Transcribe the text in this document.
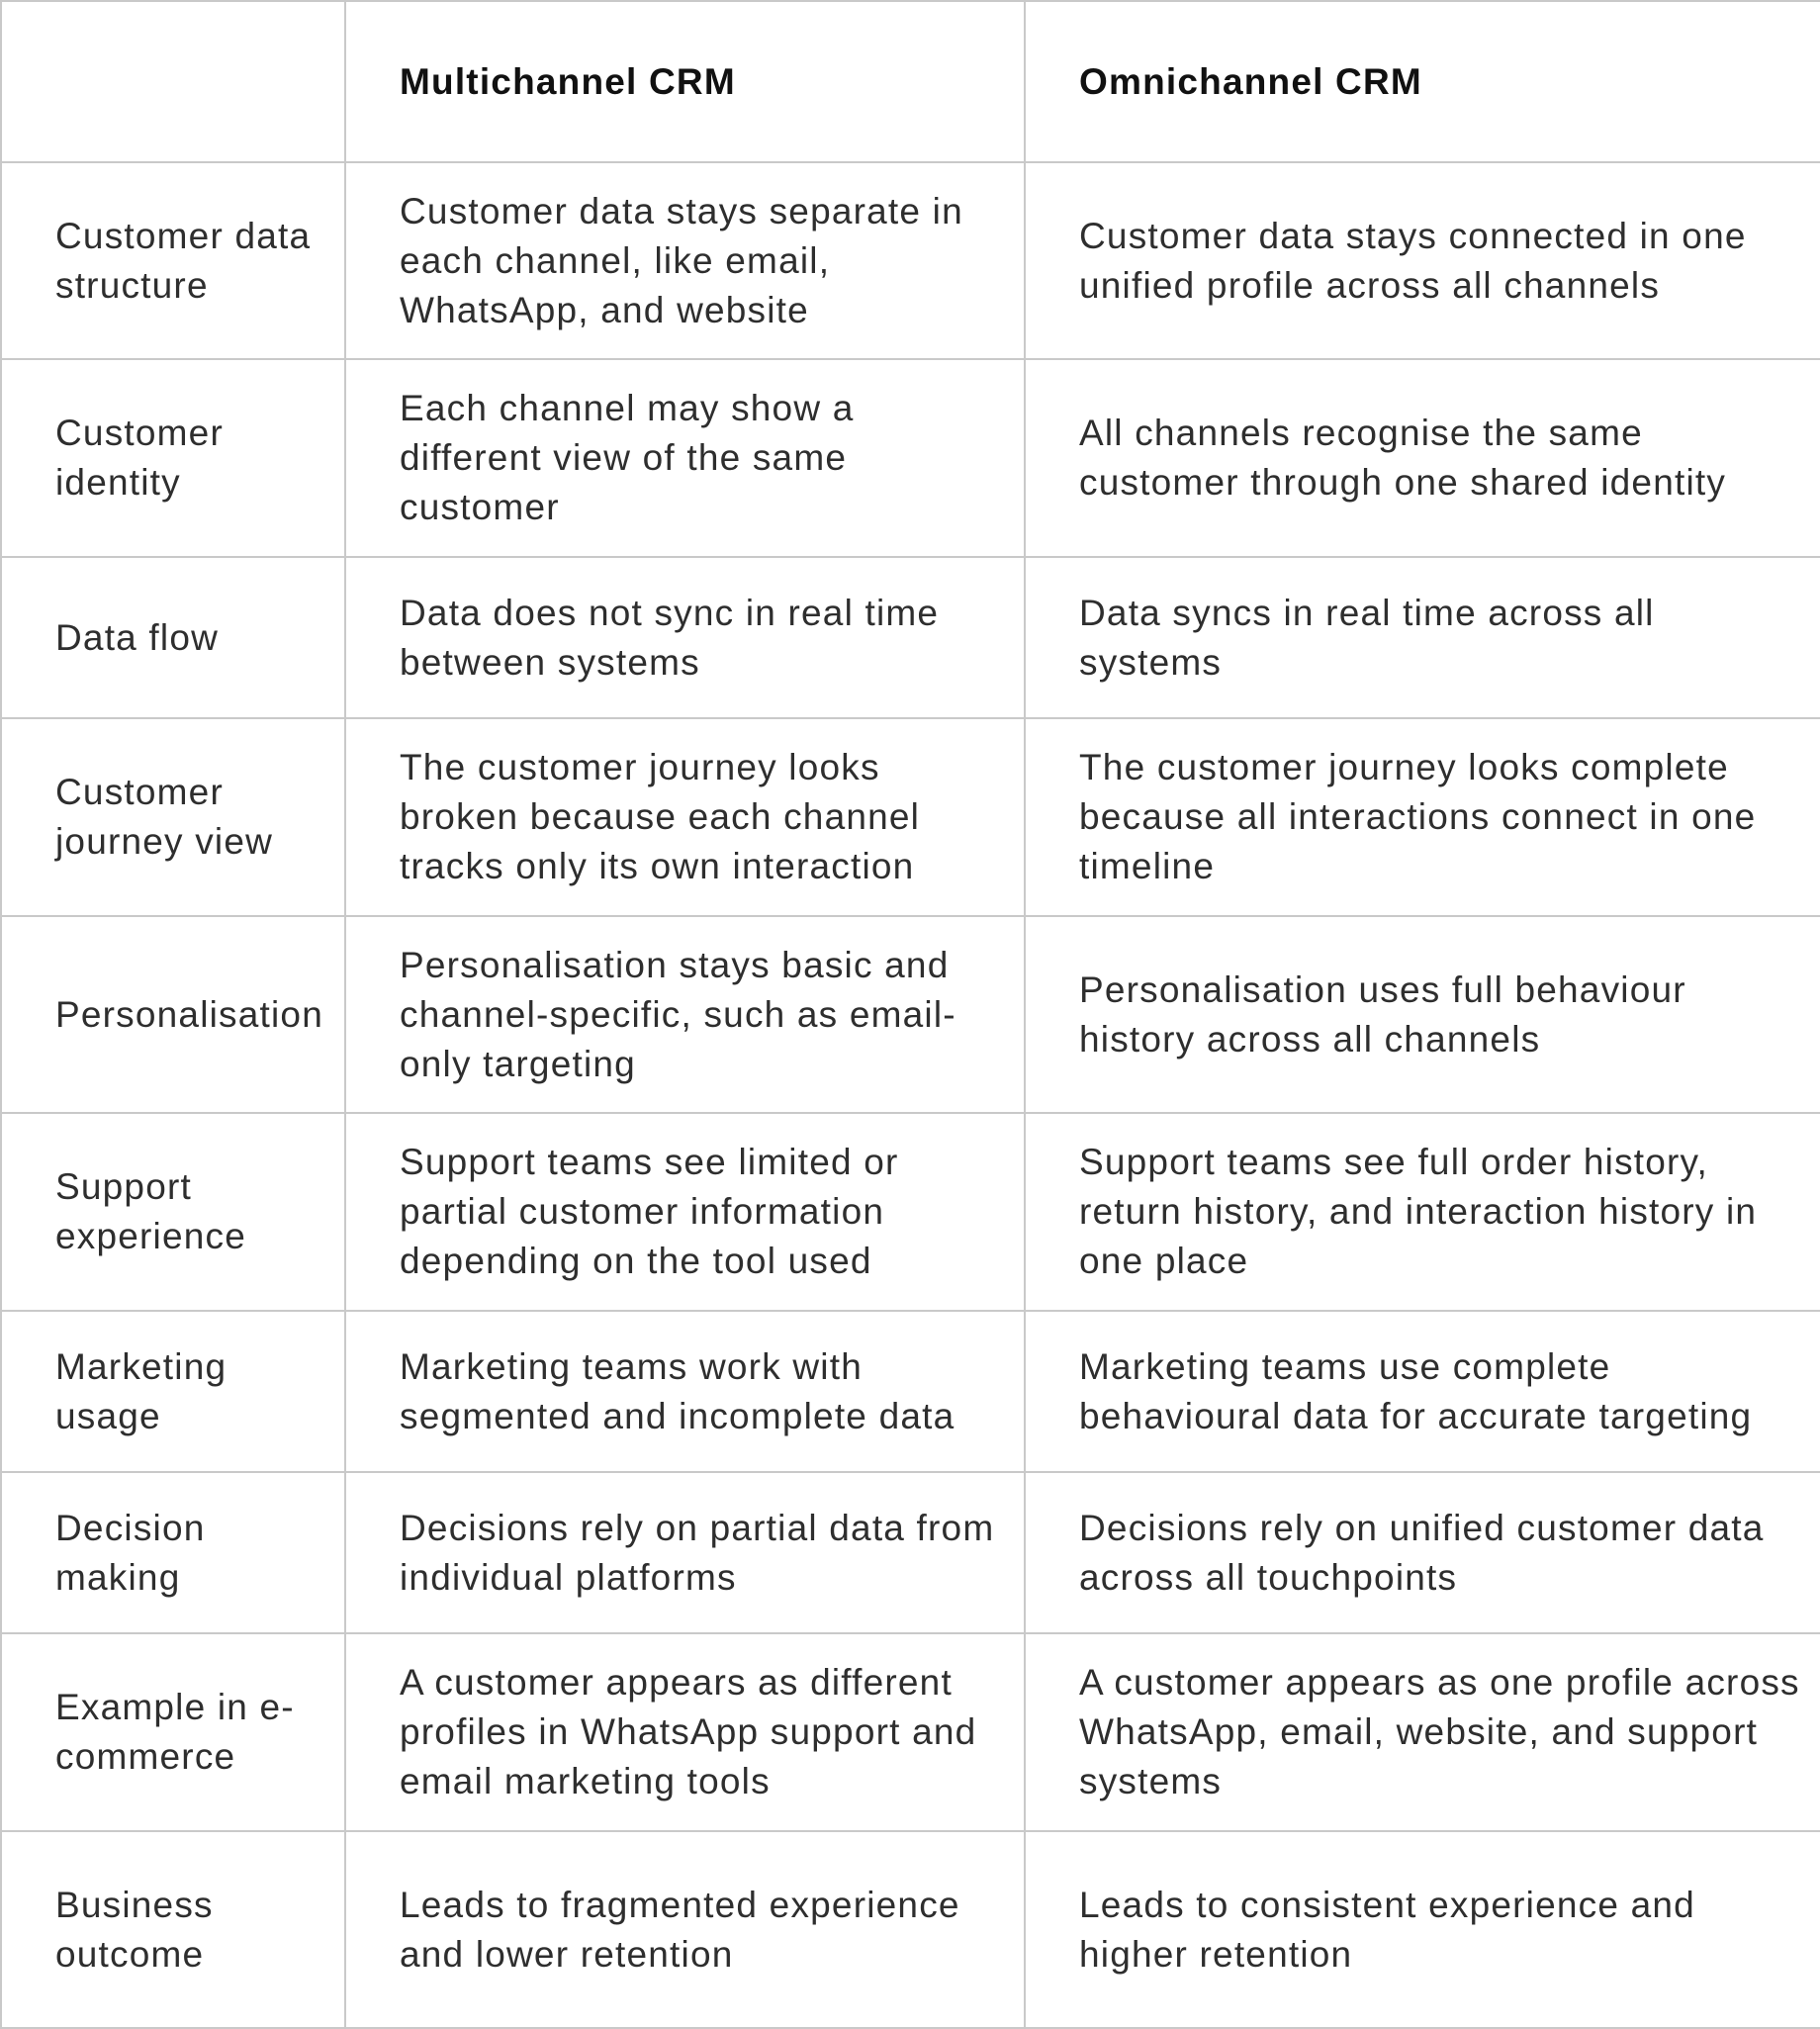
	Multichannel CRM	Omnichannel CRM
Customer data structure	Customer data stays separate in each channel, like email, WhatsApp, and website	Customer data stays connected in one unified profile across all channels
Customer identity	Each channel may show a different view of the same customer	All channels recognise the same customer through one shared identity
Data flow	Data does not sync in real time between systems	Data syncs in real time across all systems
Customer journey view	The customer journey looks broken because each channel tracks only its own interaction	The customer journey looks complete because all interactions connect in one timeline
Personalisation	Personalisation stays basic and channel-specific, such as email-only targeting	Personalisation uses full behaviour history across all channels
Support experience	Support teams see limited or partial customer information depending on the tool used	Support teams see full order history, return history, and interaction history in one place
Marketing usage	Marketing teams work with segmented and incomplete data	Marketing teams use complete behavioural data for accurate targeting
Decision making	Decisions rely on partial data from individual platforms	Decisions rely on unified customer data across all touchpoints
Example in e-commerce	A customer appears as different profiles in WhatsApp support and email marketing tools	A customer appears as one profile across WhatsApp, email, website, and support systems
Business outcome	Leads to fragmented experience and lower retention	Leads to consistent experience and higher retention
